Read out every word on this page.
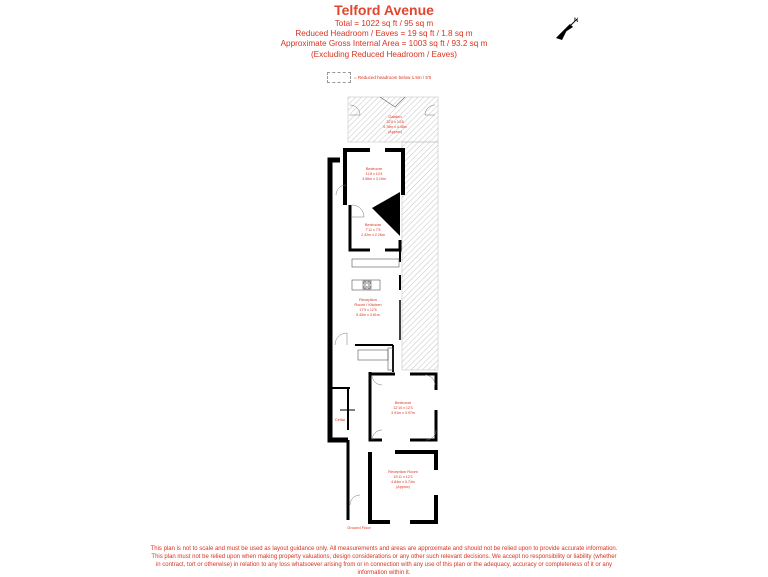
Telford Avenue
Total = 1022 sq ft / 95 sq m
Reduced Headroom / Eaves = 19 sq ft / 1.8 sq m
Approximate Gross Internal Area = 1003 sq ft / 93.2 sq m
(Excluding Reduced Headroom / Eaves)
= Reduced headroom below 1.5m / 5'0
N
Garden
32'0 x 14'8
9.76m x 4.48m
(Approx)
Bedroom
11'8 x 10'4
3.56m x 3.15m
Bedroom
7'11 x 7'5
2.42m x 2.26m
Reception
Room / Kitchen
17'9 x 12'5
5.40m x 3.81m
Bedroom
12'10 x 12'3
3.91m x 3.97m
Reception Room
15'11 x 12'3
4.84m x 3.74m
(Approx)
Cellar
Ground Floor
This plan is not to scale and must be used as layout guidance only. All measurements and areas are approximate and should not be relied upon to provide accurate information. This plan must not be relied upon when making property valuations, design considerations or any other such relevant decisions. We accept no responsibility or liability (whether in contract, tort or otherwise) in relation to any loss whatsoever arising from or in connection with any use of this plan or the adequacy, accuracy or completeness of it or any information within it.
